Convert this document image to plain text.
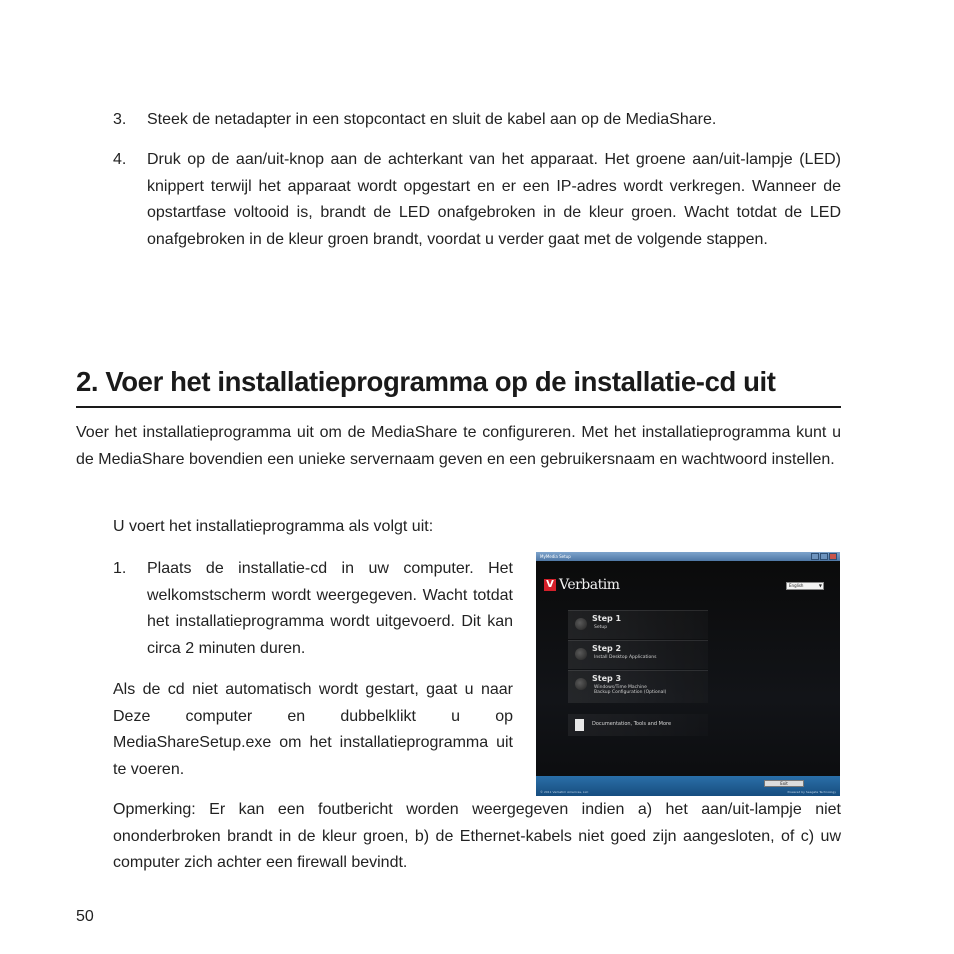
3. Steek de netadapter in een stopcontact en sluit de kabel aan op de MediaShare.

4. Druk op de aan/uit-knop aan de achterkant van het apparaat. Het groene aan/uit-lampje (LED) knippert terwijl het apparaat wordt opgestart en er een IP-adres wordt verkregen. Wanneer de opstartfase voltooid is, brandt de LED onafgebroken in de kleur groen. Wacht totdat de LED onafgebroken in de kleur groen brandt, voordat u verder gaat met de volgende stappen.

2. Voer het installatieprogramma op de installatie-cd uit

Voer het installatieprogramma uit om de MediaShare te configureren. Met het installatieprogramma kunt u de MediaShare bovendien een unieke servernaam geven en een gebruikersnaam en wachtwoord instellen.

U voert het installatieprogramma als volgt uit:

1. Plaats de installatie-cd in uw computer. Het welkomstscherm wordt weergegeven. Wacht totdat het installatieprogramma wordt uitgevoerd. Dit kan circa 2 minuten duren.

Als de cd niet automatisch wordt gestart, gaat u naar Deze computer en dubbelklikt u op MediaShareSetup.exe om het installatieprogramma uit te voeren.

MyMedia Setup
V Verbatim	English	▼
Step 1
Setup
Step 2
Install Desktop Applications
Step 3
Windows/Time Machine
Backup Configuration (Optional)
Documentation, Tools and More
Exit
© 2011 Verbatim Americas, LLC	Powered by Seagate Technology

Opmerking: Er kan een foutbericht worden weergegeven indien a) het aan/uit-lampje niet ononderbroken brandt in de kleur groen, b) de Ethernet-kabels niet goed zijn aangesloten, of c) uw computer zich achter een firewall bevindt.

50
